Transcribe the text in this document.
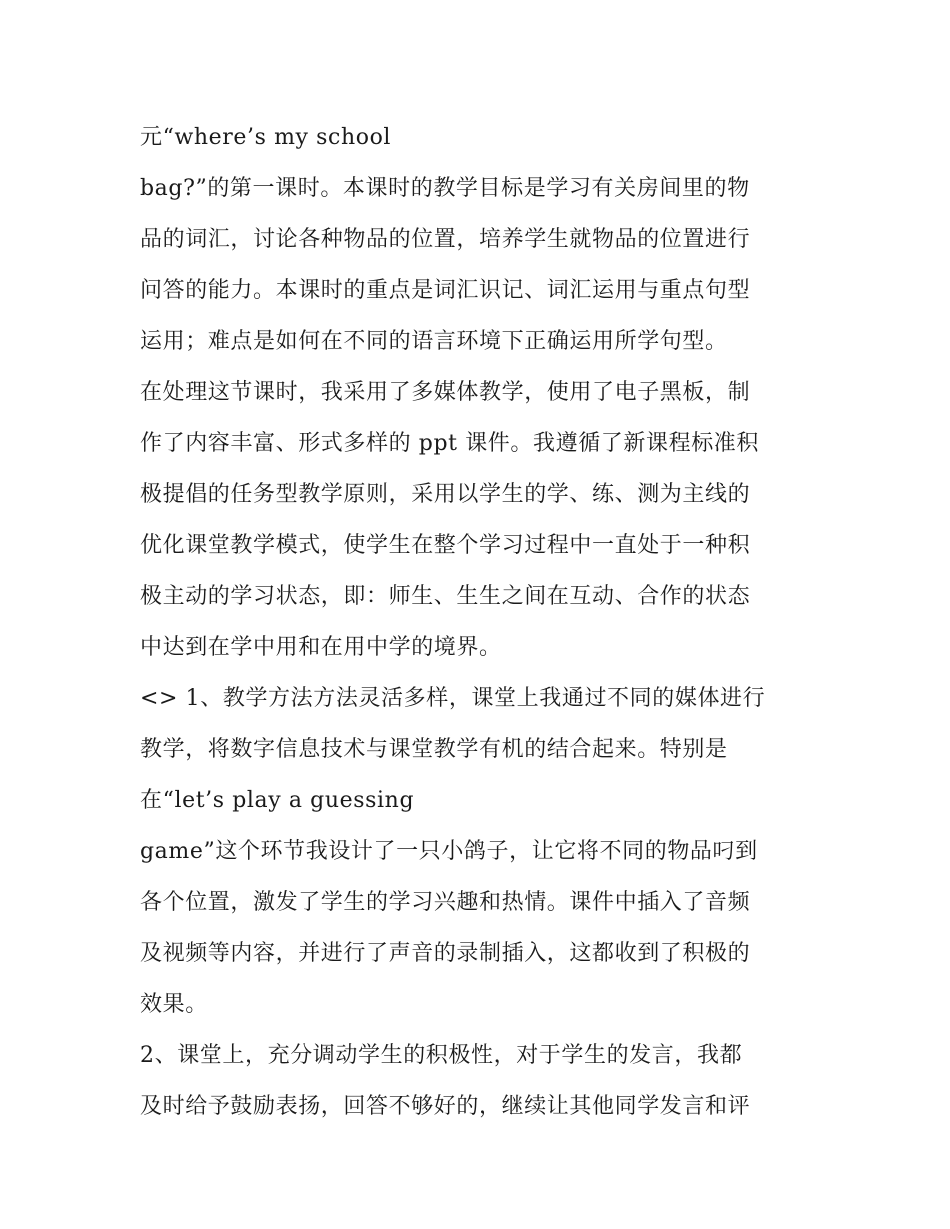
元“where’s my school
bag?”的第一课时。本课时的教学目标是学习有关房间里的物
品的词汇，讨论各种物品的位置，培养学生就物品的位置进行
问答的能力。本课时的重点是词汇识记、词汇运用与重点句型
运用；难点是如何在不同的语言环境下正确运用所学句型。
在处理这节课时，我采用了多媒体教学，使用了电子黑板，制
作了内容丰富、形式多样的 ppt 课件。我遵循了新课程标准积
极提倡的任务型教学原则，采用以学生的学、练、测为主线的
优化课堂教学模式，使学生在整个学习过程中一直处于一种积
极主动的学习状态，即：师生、生生之间在互动、合作的状态
中达到在学中用和在用中学的境界。
<> 1、教学方法方法灵活多样，课堂上我通过不同的媒体进行
教学，将数字信息技术与课堂教学有机的结合起来。特别是
在“let’s play a guessing
game”这个环节我设计了一只小鸽子，让它将不同的物品叼到
各个位置，激发了学生的学习兴趣和热情。课件中插入了音频
及视频等内容，并进行了声音的录制插入，这都收到了积极的
效果。
2、课堂上，充分调动学生的积极性，对于学生的发言，我都
及时给予鼓励表扬，回答不够好的，继续让其他同学发言和评
